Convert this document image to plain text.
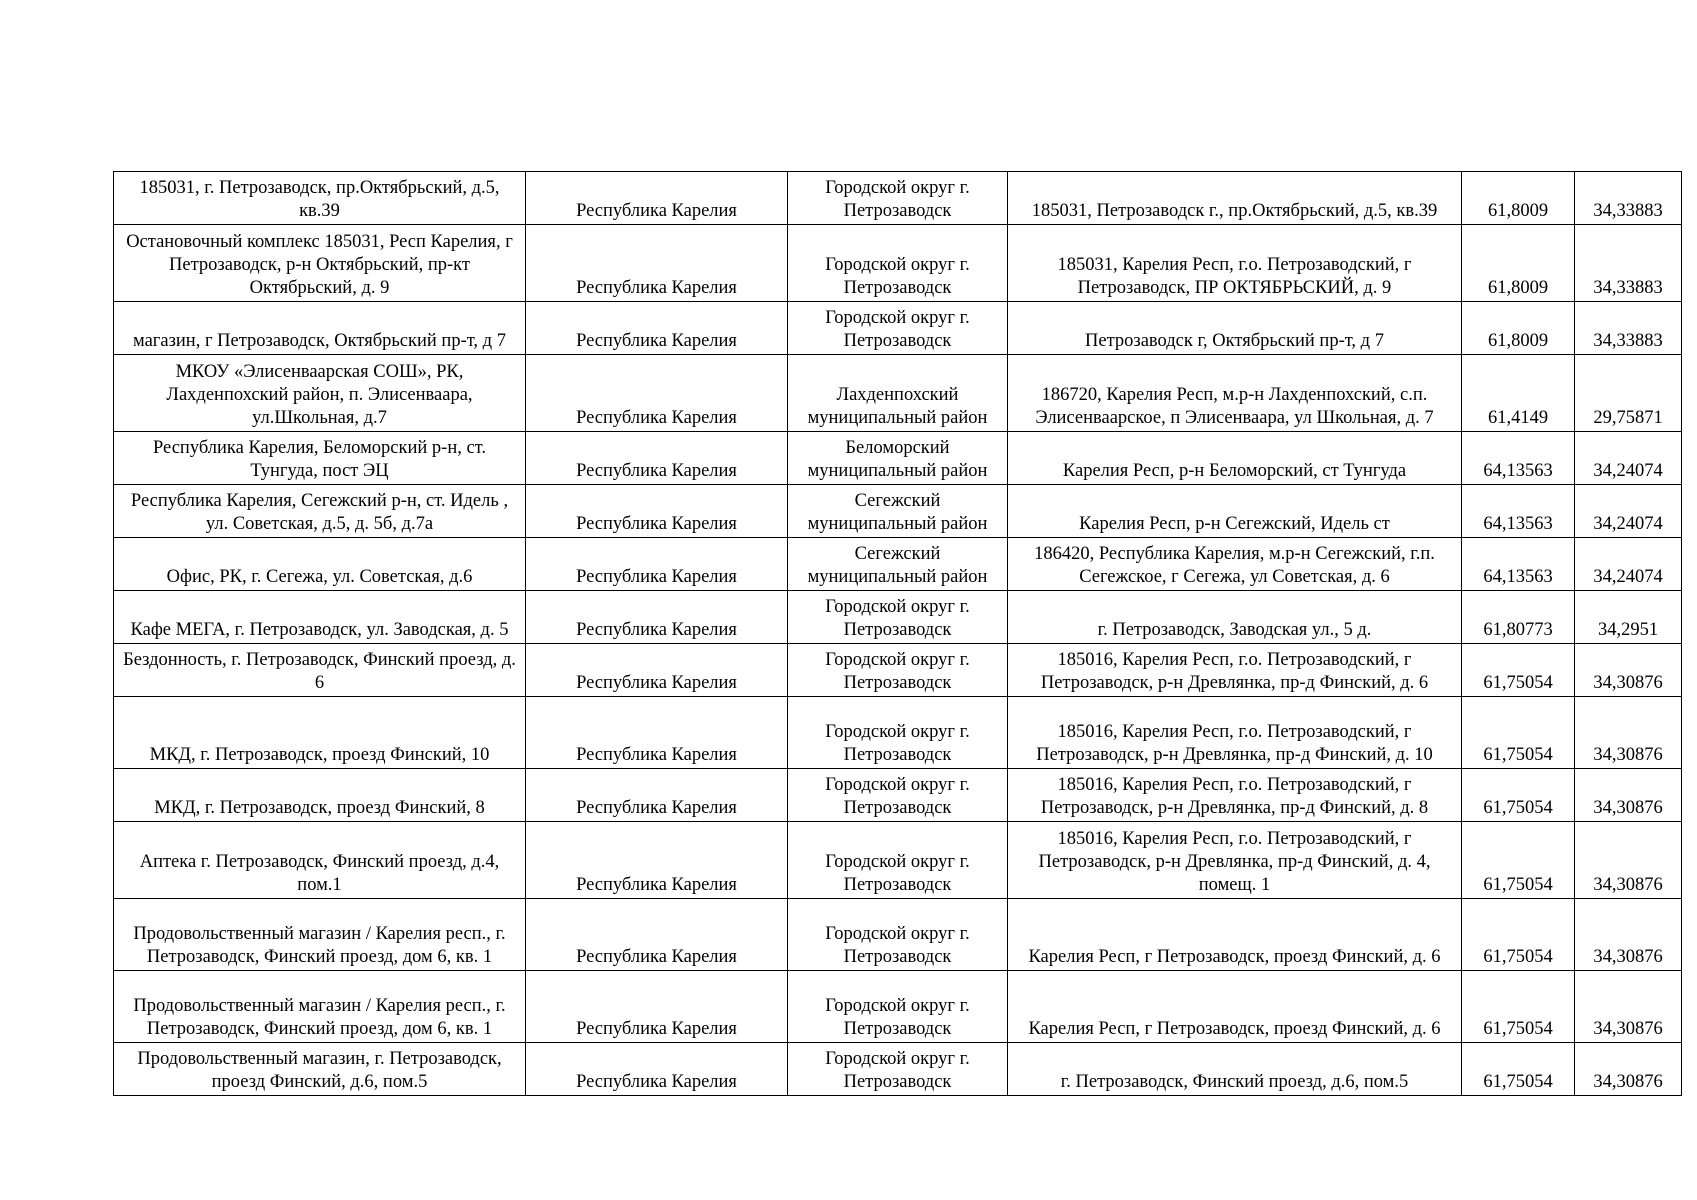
185031, г. Петрозаводск, пр.Октябрьский, д.5, кв.39	Республика Карелия	Городской округ г. Петрозаводск	185031, Петрозаводск г., пр.Октябрьский, д.5, кв.39	61,8009	34,33883
Остановочный комплекс 185031, Респ Карелия, г Петрозаводск, р-н Октябрьский, пр-кт Октябрьский, д. 9	Республика Карелия	Городской округ г. Петрозаводск	185031, Карелия Респ, г.о. Петрозаводский, г Петрозаводск, ПР ОКТЯБРЬСКИЙ, д. 9	61,8009	34,33883
магазин, г Петрозаводск, Октябрьский пр-т, д 7	Республика Карелия	Городской округ г. Петрозаводск	Петрозаводск г, Октябрьский пр-т, д 7	61,8009	34,33883
МКОУ «Элисенваарская СОШ», РК, Лахденпохский район, п. Элисенваара, ул.Школьная, д.7	Республика Карелия	Лахденпохский муниципальный район	186720, Карелия Респ, м.р-н Лахденпохский, с.п. Элисенваарское, п Элисенваара, ул Школьная, д. 7	61,4149	29,75871
Республика Карелия, Беломорский р-н, ст. Тунгуда, пост ЭЦ	Республика Карелия	Беломорский муниципальный район	Карелия Респ, р-н Беломорский, ст Тунгуда	64,13563	34,24074
Республика Карелия, Сегежский р-н, ст. Идель , ул. Советская, д.5, д. 5б, д.7а	Республика Карелия	Сегежский муниципальный район	Карелия Респ, р-н Сегежский, Идель ст	64,13563	34,24074
Офис, РК, г. Сегежа, ул. Советская, д.6	Республика Карелия	Сегежский муниципальный район	186420, Республика Карелия, м.р-н Сегежский, г.п. Сегежское, г Сегежа, ул Советская, д. 6	64,13563	34,24074
Кафе МЕГА, г. Петрозаводск, ул. Заводская, д. 5	Республика Карелия	Городской округ г. Петрозаводск	г. Петрозаводск, Заводская ул., 5 д.	61,80773	34,2951
Бездонность, г. Петрозаводск, Финский проезд, д. 6	Республика Карелия	Городской округ г. Петрозаводск	185016, Карелия Респ, г.о. Петрозаводский, г Петрозаводск, р-н Древлянка, пр-д Финский, д. 6	61,75054	34,30876
МКД, г. Петрозаводск, проезд Финский, 10	Республика Карелия	Городской округ г. Петрозаводск	185016, Карелия Респ, г.о. Петрозаводский, г Петрозаводск, р-н Древлянка, пр-д Финский, д. 10	61,75054	34,30876
МКД, г. Петрозаводск, проезд Финский, 8	Республика Карелия	Городской округ г. Петрозаводск	185016, Карелия Респ, г.о. Петрозаводский, г Петрозаводск, р-н Древлянка, пр-д Финский, д. 8	61,75054	34,30876
Аптека г. Петрозаводск, Финский проезд, д.4, пом.1	Республика Карелия	Городской округ г. Петрозаводск	185016, Карелия Респ, г.о. Петрозаводский, г Петрозаводск, р-н Древлянка, пр-д Финский, д. 4, помещ. 1	61,75054	34,30876
Продовольственный магазин / Карелия респ., г. Петрозаводск, Финский проезд, дом 6, кв. 1	Республика Карелия	Городской округ г. Петрозаводск	Карелия Респ, г Петрозаводск, проезд Финский, д. 6	61,75054	34,30876
Продовольственный магазин / Карелия респ., г. Петрозаводск, Финский проезд, дом 6, кв. 1	Республика Карелия	Городской округ г. Петрозаводск	Карелия Респ, г Петрозаводск, проезд Финский, д. 6	61,75054	34,30876
Продовольственный магазин, г. Петрозаводск, проезд Финский, д.6, пом.5	Республика Карелия	Городской округ г. Петрозаводск	г. Петрозаводск, Финский проезд, д.6, пом.5	61,75054	34,30876
